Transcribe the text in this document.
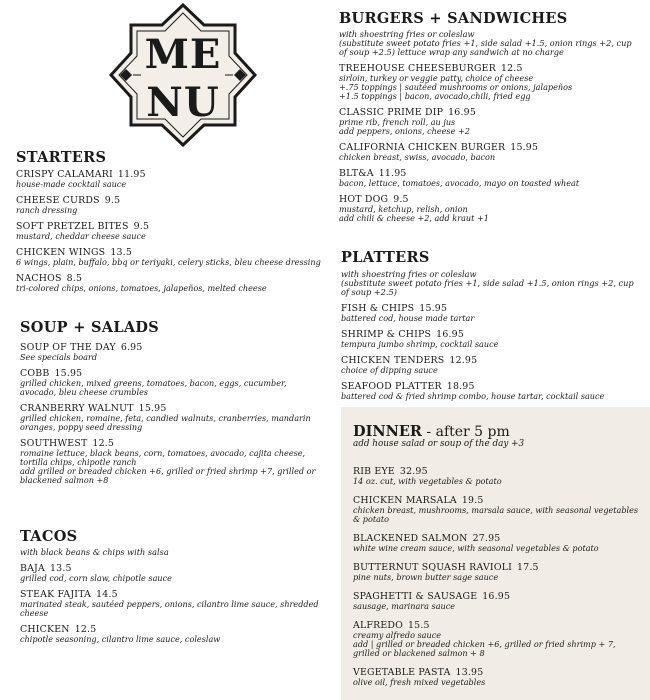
ME
NU
STARTERS
CRISPY CALAMARI 11.95
house-made cocktail sauce
CHEESE CURDS 9.5
ranch dressing
SOFT PRETZEL BITES 9.5
mustard, cheddar cheese sauce
CHICKEN WINGS 13.5
6 wings, plain, buffalo, bbq or teriyaki, celery sticks, bleu cheese dressing
NACHOS 8.5
tri-colored chips, onions, tomatoes, jalapeños, melted cheese
SOUP + SALADS
SOUP OF THE DAY 6.95
See specials board
COBB 15.95
grilled chicken, mixed greens, tomatoes, bacon, eggs, cucumber, avocado, bleu cheese crumbles
CRANBERRY WALNUT 15.95
grilled chicken, romaine, feta, candied walnuts, cranberries, mandarin oranges, poppy seed dressing
SOUTHWEST 12.5
romaine lettuce, black beans, corn, tomatoes, avocado, cajita cheese, tortilla chips, chipotle ranch
add grilled or breaded chicken +6, grilled or fried shrimp +7, grilled or blackened salmon +8
TACOS
with black beans & chips with salsa
BAJA 13.5
grilled cod, corn slaw, chipotle sauce
STEAK FAJITA 14.5
marinated steak, sautéed peppers, onions, cilantro lime sauce, shredded cheese
CHICKEN 12.5
chipotle seasoning, cilantro lime sauce, coleslaw
BURGERS + SANDWICHES
with shoestring fries or coleslaw
(substitute sweet potato fries +1, side salad +1.5, onion rings +2, cup of soup +2.5) lettuce wrap any sandwich at no charge
TREEHOUSE CHEESEBURGER 12.5
sirloin, turkey or veggie patty, choice of cheese
+.75 toppings | sautéed mushrooms or onions, jalapeños
+1.5 toppings | bacon, avocado,chili, fried egg
CLASSIC PRIME DIP 16.95
prime rib, french roll, au jus
add peppers, onions, cheese +2
CALIFORNIA CHICKEN BURGER 15.95
chicken breast, swiss, avocado, bacon
BLT&A 11.95
bacon, lettuce, tomatoes, avocado, mayo on toasted wheat
HOT DOG 9.5
mustard, ketchup, relish, onion
add chili & cheese +2, add kraut +1
PLATTERS
with shoestring fries or coleslaw
(substitute sweet potato fries +1, side salad +1.5, onion rings +2, cup of soup +2.5)
FISH & CHIPS 15.95
battered cod, house made tartar
SHRIMP & CHIPS 16.95
tempura jumbo shrimp, cocktail sauce
CHICKEN TENDERS 12.95
choice of dipping sauce
SEAFOOD PLATTER 18.95
battered cod & fried shrimp combo, house tartar, cocktail sauce
DINNER - after 5 pm
add house salad or soup of the day +3
RIB EYE 32.95
14 oz. cut, with vegetables & potato
CHICKEN MARSALA 19.5
chicken breast, mushrooms, marsala sauce, with seasonal vegetables & potato
BLACKENED SALMON 27.95
white wine cream sauce, with seasonal vegetables & potato
BUTTERNUT SQUASH RAVIOLI 17.5
pine nuts, brown butter sage sauce
SPAGHETTI & SAUSAGE 16.95
sausage, marinara sauce
ALFREDO 15.5
creamy alfredo sauce
add | grilled or breaded chicken +6, grilled or fried shrimp + 7, grilled or blackened salmon + 8
VEGETABLE PASTA 13.95
olive oil, fresh mixed vegetables
